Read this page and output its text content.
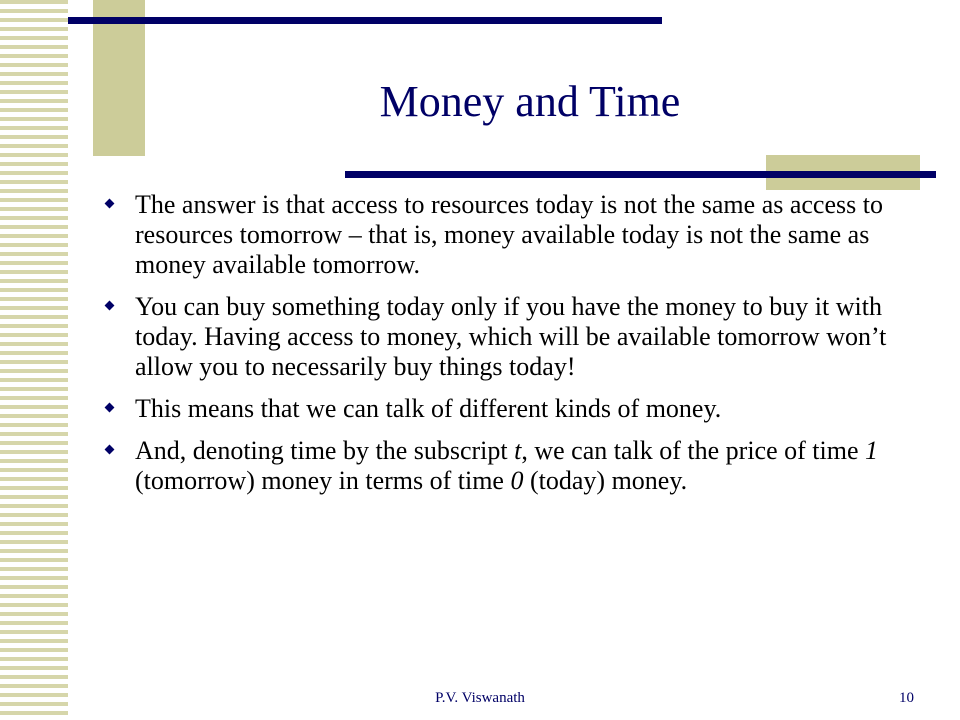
Money and Time
The answer is that access to resources today is not the same as access to resources tomorrow – that is, money available today is not the same as money available tomorrow.
You can buy something today only if you have the money to buy it with today. Having access to money, which will be available tomorrow won’t allow you to necessarily buy things today!
This means that we can talk of different kinds of money.
And, denoting time by the subscript t, we can talk of the price of time 1 (tomorrow) money in terms of time 0 (today) money.
P.V. Viswanath	10
